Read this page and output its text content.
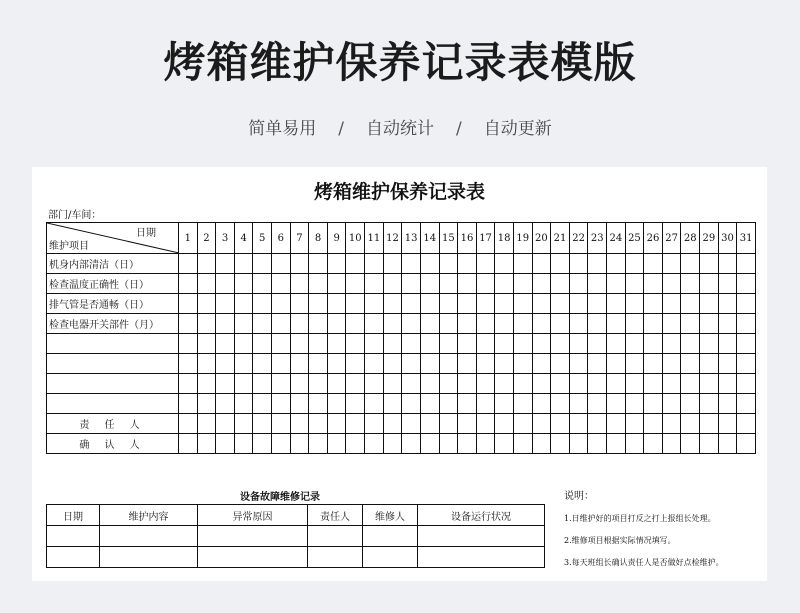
烤箱维护保养记录表模版
简单易用 / 自动统计 / 自动更新
烤箱维护保养记录表
部门/车间：
日期
维护项目	1	2	3	4	5	6	7	8	9	10	11	12	13	14	15	16	17	18	19	20	21	22	23	24	25	26	27	28	29	30	31
机身内部清洁（日）																															
检查温度正确性（日）																															
排气管是否通畅（日）																															
检查电器开关部件（月）																															

责 任 人																															
确 认 人																															
设备故障维修记录
日期	维护内容	异常原因	责任人	维修人	设备运行状况

说明：
1.日维护好的项目打反之打上报组长处理。
2.维修项目根据实际情况填写。
3.每天班组长确认责任人是否做好点检维护。
